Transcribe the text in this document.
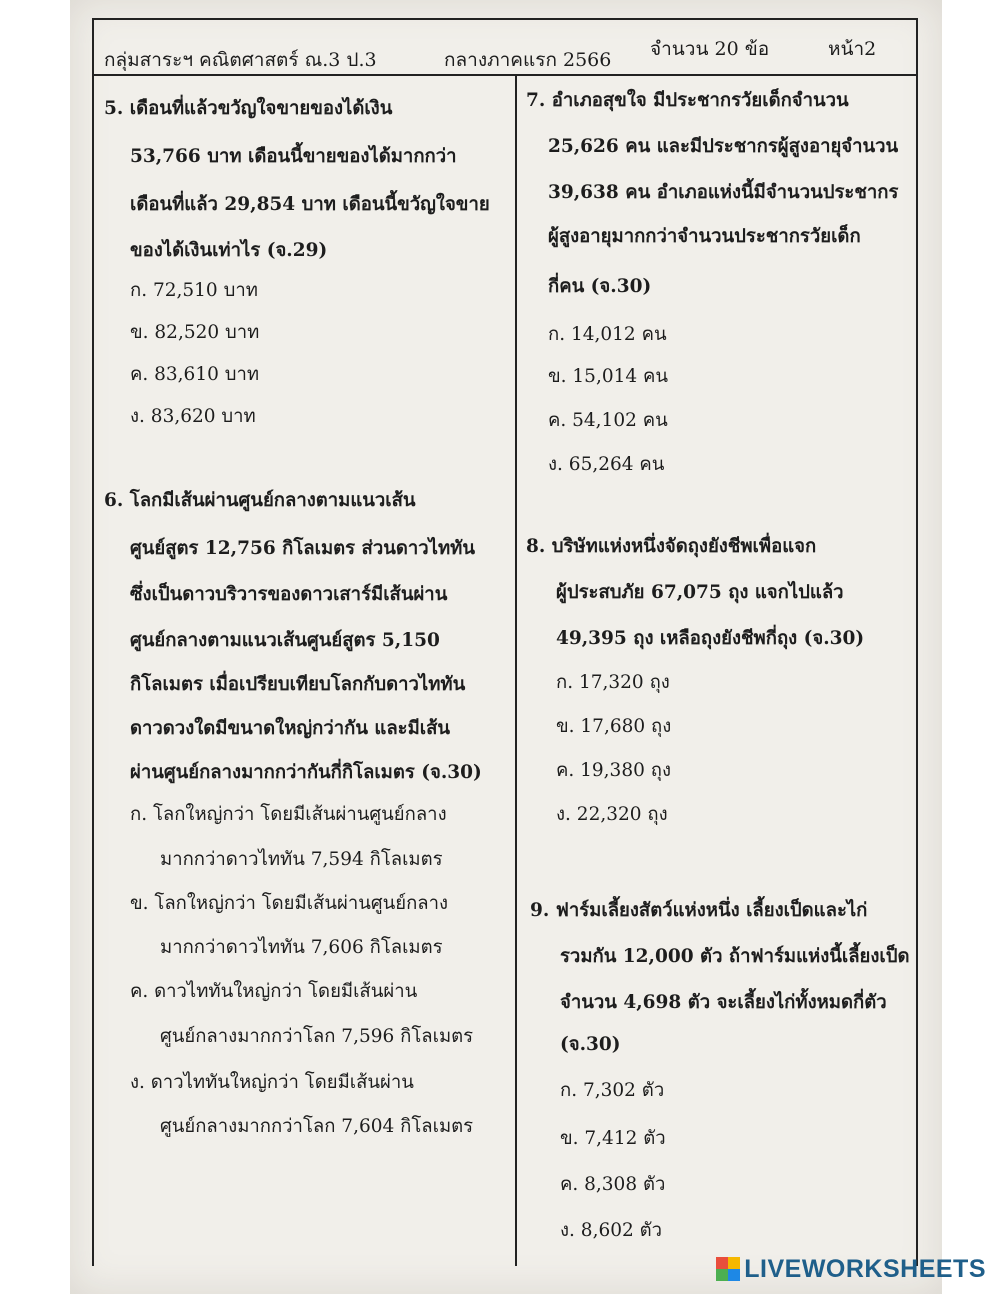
กลุ่มสาระฯ คณิตศาสตร์ ณ.3 ป.3	กลางภาคแรก 2566 จำนวน 20 ข้อ	หน้า2
5. เดือนที่แล้วขวัญใจขายของได้เงิน
53,766 บาท เดือนนี้ขายของได้มากกว่า
เดือนที่แล้ว 29,854 บาท เดือนนี้ขวัญใจขาย
ของได้เงินเท่าไร (จ.29)
ก. 72,510 บาท
ข. 82,520 บาท
ค. 83,610 บาท
ง. 83,620 บาท
6. โลกมีเส้นผ่านศูนย์กลางตามแนวเส้น
ศูนย์สูตร 12,756 กิโลเมตร ส่วนดาวไททัน
ซึ่งเป็นดาวบริวารของดาวเสาร์มีเส้นผ่าน
ศูนย์กลางตามแนวเส้นศูนย์สูตร 5,150
กิโลเมตร เมื่อเปรียบเทียบโลกกับดาวไททัน
ดาวดวงใดมีขนาดใหญ่กว่ากัน และมีเส้น
ผ่านศูนย์กลางมากกว่ากันกี่กิโลเมตร (จ.30)
ก. โลกใหญ่กว่า โดยมีเส้นผ่านศูนย์กลาง
มากกว่าดาวไททัน 7,594 กิโลเมตร
ข. โลกใหญ่กว่า โดยมีเส้นผ่านศูนย์กลาง
มากกว่าดาวไททัน 7,606 กิโลเมตร
ค. ดาวไททันใหญ่กว่า โดยมีเส้นผ่าน
ศูนย์กลางมากกว่าโลก 7,596 กิโลเมตร
ง. ดาวไททันใหญ่กว่า โดยมีเส้นผ่าน
ศูนย์กลางมากกว่าโลก 7,604 กิโลเมตร
7. อำเภอสุขใจ มีประชากรวัยเด็กจำนวน
25,626 คน และมีประชากรผู้สูงอายุจำนวน
39,638 คน อำเภอแห่งนี้มีจำนวนประชากร
ผู้สูงอายุมากกว่าจำนวนประชากรวัยเด็ก
กี่คน (จ.30)
ก. 14,012 คน
ข. 15,014 คน
ค. 54,102 คน
ง. 65,264 คน
8. บริษัทแห่งหนึ่งจัดถุงยังชีพเพื่อแจก
ผู้ประสบภัย 67,075 ถุง แจกไปแล้ว
49,395 ถุง เหลือถุงยังชีพกี่ถุง (จ.30)
ก. 17,320 ถุง
ข. 17,680 ถุง
ค. 19,380 ถุง
ง. 22,320 ถุง
9. ฟาร์มเลี้ยงสัตว์แห่งหนึ่ง เลี้ยงเป็ดและไก่
รวมกัน 12,000 ตัว ถ้าฟาร์มแห่งนี้เลี้ยงเป็ด
จำนวน 4,698 ตัว จะเลี้ยงไก่ทั้งหมดกี่ตัว
(จ.30)
ก. 7,302 ตัว
ข. 7,412 ตัว
ค. 8,308 ตัว
ง. 8,602 ตัว
LIVEWORKSHEETS
